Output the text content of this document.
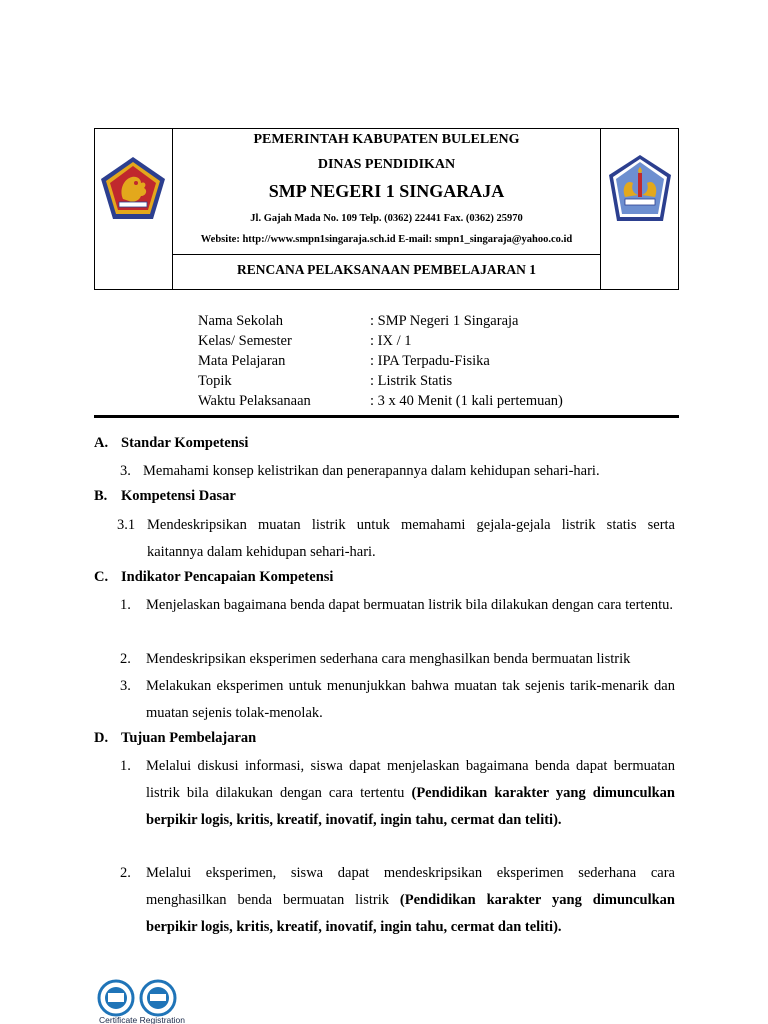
PEMERINTAH KABUPATEN BULELENG
DINAS PENDIDIKAN
SMP NEGERI 1 SINGARAJA
Jl. Gajah Mada No. 109 Telp. (0362) 22441 Fax. (0362) 25970
Website: http://www.smpn1singaraja.sch.id E-mail: smpn1_singaraja@yahoo.co.id
RENCANA PELAKSANAAN PEMBELAJARAN 1
Nama Sekolah	: SMP Negeri 1 Singaraja
Kelas/ Semester	: IX / 1
Mata Pelajaran	: IPA Terpadu-Fisika
Topik	: Listrik Statis
Waktu Pelaksanaan	: 3 x 40 Menit (1 kali pertemuan)
A. Standar Kompetensi
3. Memahami konsep kelistrikan dan penerapannya dalam kehidupan sehari-hari.
B. Kompetensi Dasar
3.1 Mendeskripsikan muatan listrik untuk memahami gejala-gejala listrik statis serta
kaitannya dalam kehidupan sehari-hari.
C. Indikator Pencapaian Kompetensi
1. Menjelaskan bagaimana benda dapat bermuatan listrik bila dilakukan dengan cara tertentu.
2. Mendeskripsikan eksperimen sederhana cara menghasilkan benda bermuatan listrik
3. Melakukan eksperimen untuk menunjukkan bahwa muatan tak sejenis tarik-menarik dan muatan sejenis tolak-menolak.
D. Tujuan Pembelajaran
1. Melalui diskusi informasi, siswa dapat menjelaskan bagaimana benda dapat bermuatan listrik bila dilakukan dengan cara tertentu (Pendidikan karakter yang dimunculkan berpikir logis, kritis, kreatif, inovatif, ingin tahu, cermat dan teliti).
2. Melalui eksperimen, siswa dapat mendeskripsikan eksperimen sederhana cara menghasilkan benda bermuatan listrik (Pendidikan karakter yang dimunculkan berpikir logis, kritis, kreatif, inovatif, ingin tahu, cermat dan teliti).
Certificate Registration
